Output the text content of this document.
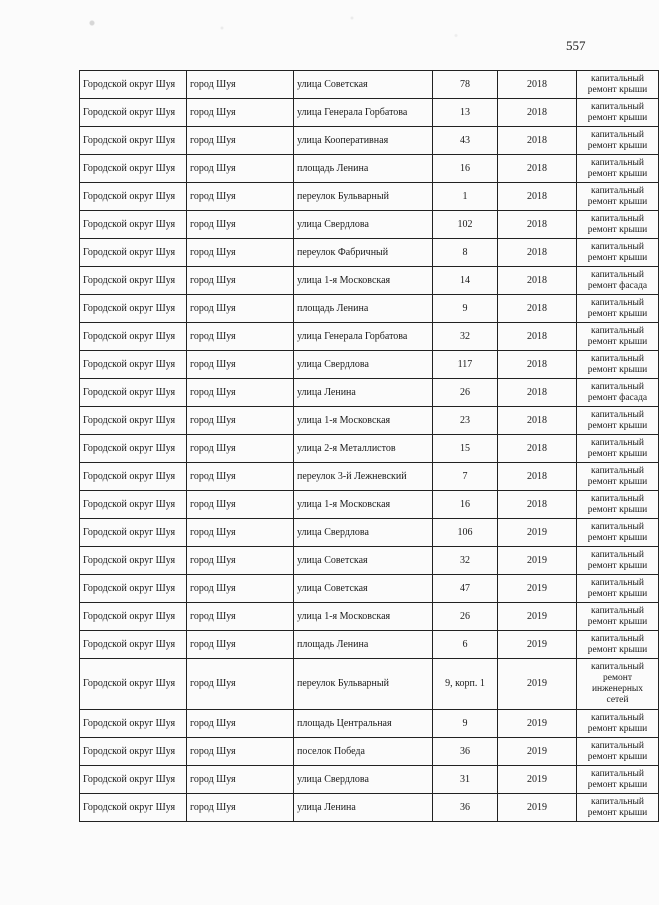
557
Городской округ Шуя	город Шуя	улица Советская	78	2018	капитальный ремонт крыши
Городской округ Шуя	город Шуя	улица Генерала Горбатова	13	2018	капитальный ремонт крыши
Городской округ Шуя	город Шуя	улица Кооперативная	43	2018	капитальный ремонт крыши
Городской округ Шуя	город Шуя	площадь Ленина	16	2018	капитальный ремонт крыши
Городской округ Шуя	город Шуя	переулок Бульварный	1	2018	капитальный ремонт крыши
Городской округ Шуя	город Шуя	улица Свердлова	102	2018	капитальный ремонт крыши
Городской округ Шуя	город Шуя	переулок Фабричный	8	2018	капитальный ремонт крыши
Городской округ Шуя	город Шуя	улица 1-я Московская	14	2018	капитальный ремонт фасада
Городской округ Шуя	город Шуя	площадь Ленина	9	2018	капитальный ремонт крыши
Городской округ Шуя	город Шуя	улица Генерала Горбатова	32	2018	капитальный ремонт крыши
Городской округ Шуя	город Шуя	улица Свердлова	117	2018	капитальный ремонт крыши
Городской округ Шуя	город Шуя	улица Ленина	26	2018	капитальный ремонт фасада
Городской округ Шуя	город Шуя	улица 1-я Московская	23	2018	капитальный ремонт крыши
Городской округ Шуя	город Шуя	улица 2-я Металлистов	15	2018	капитальный ремонт крыши
Городской округ Шуя	город Шуя	переулок 3-й Лежневский	7	2018	капитальный ремонт крыши
Городской округ Шуя	город Шуя	улица 1-я Московская	16	2018	капитальный ремонт крыши
Городской округ Шуя	город Шуя	улица Свердлова	106	2019	капитальный ремонт крыши
Городской округ Шуя	город Шуя	улица Советская	32	2019	капитальный ремонт крыши
Городской округ Шуя	город Шуя	улица Советская	47	2019	капитальный ремонт крыши
Городской округ Шуя	город Шуя	улица 1-я Московская	26	2019	капитальный ремонт крыши
Городской округ Шуя	город Шуя	площадь Ленина	6	2019	капитальный ремонт крыши
Городской округ Шуя	город Шуя	переулок Бульварный	9, корп. 1	2019	капитальный ремонт инженерных сетей
Городской округ Шуя	город Шуя	площадь Центральная	9	2019	капитальный ремонт крыши
Городской округ Шуя	город Шуя	поселок Победа	36	2019	капитальный ремонт крыши
Городской округ Шуя	город Шуя	улица Свердлова	31	2019	капитальный ремонт крыши
Городской округ Шуя	город Шуя	улица Ленина	36	2019	капитальный ремонт крыши
